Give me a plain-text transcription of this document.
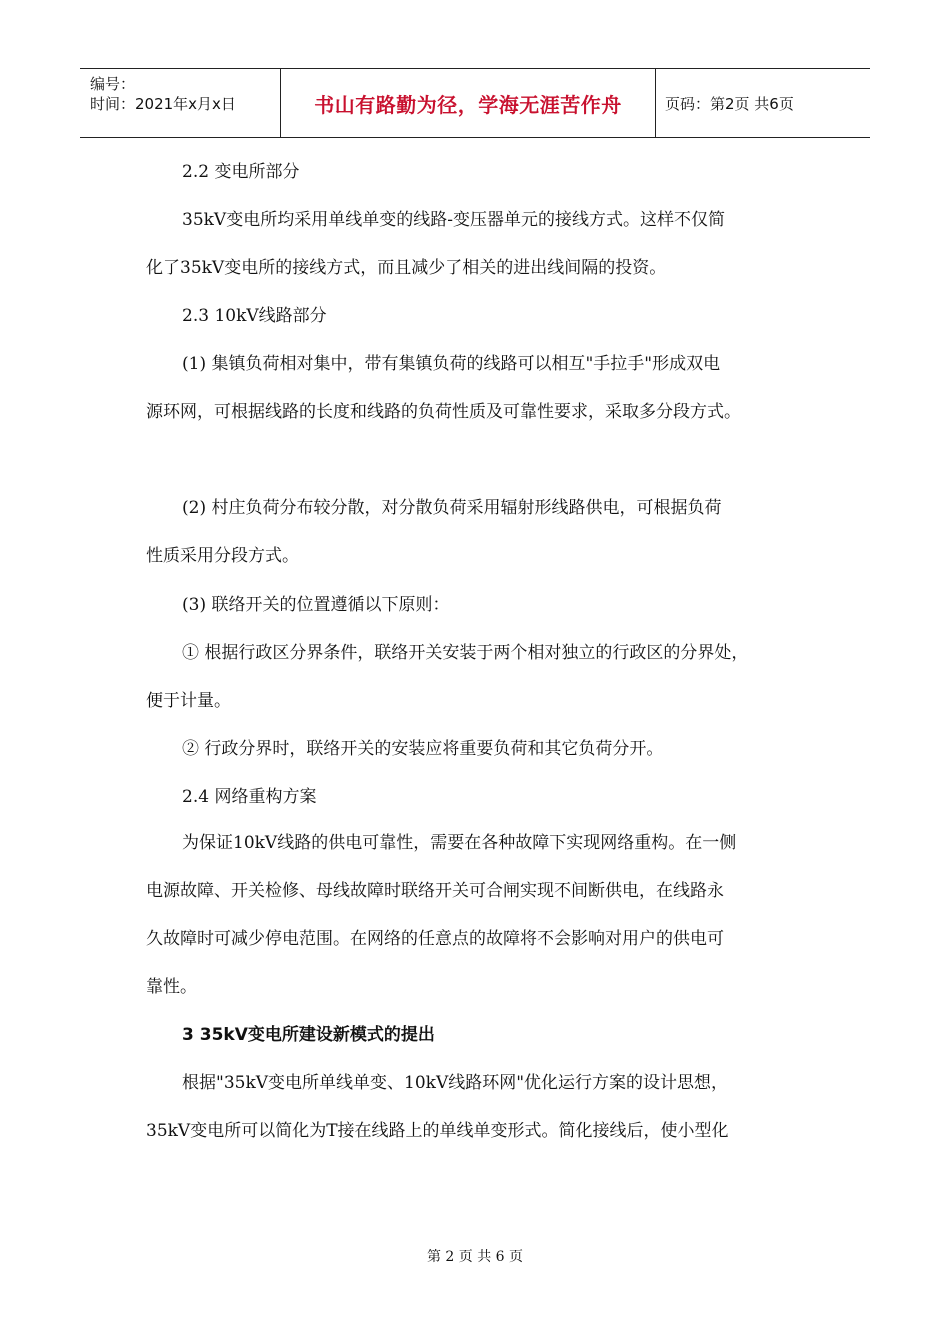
编号：
时间：2021年x月x日	书山有路勤为径，学海无涯苦作舟	页码：第2页 共6页
2.2 变电所部分
35kV变电所均采用单线单变的线路-变压器单元的接线方式。这样不仅简
化了35kV变电所的接线方式，而且减少了相关的进出线间隔的投资。
2.3 10kV线路部分
(1) 集镇负荷相对集中，带有集镇负荷的线路可以相互"手拉手"形成双电
源环网，可根据线路的长度和线路的负荷性质及可靠性要求，采取多分段方式。
(2) 村庄负荷分布较分散，对分散负荷采用辐射形线路供电，可根据负荷
性质采用分段方式。
(3) 联络开关的位置遵循以下原则：
① 根据行政区分界条件，联络开关安装于两个相对独立的行政区的分界处，
便于计量。
② 行政分界时，联络开关的安装应将重要负荷和其它负荷分开。
2.4 网络重构方案
为保证10kV线路的供电可靠性，需要在各种故障下实现网络重构。在一侧
电源故障、开关检修、母线故障时联络开关可合闸实现不间断供电，在线路永
久故障时可减少停电范围。在网络的任意点的故障将不会影响对用户的供电可
靠性。
3 35kV变电所建设新模式的提出
根据"35kV变电所单线单变、10kV线路环网"优化运行方案的设计思想，
35kV变电所可以简化为T接在线路上的单线单变形式。简化接线后，使小型化
第 2 页 共 6 页
